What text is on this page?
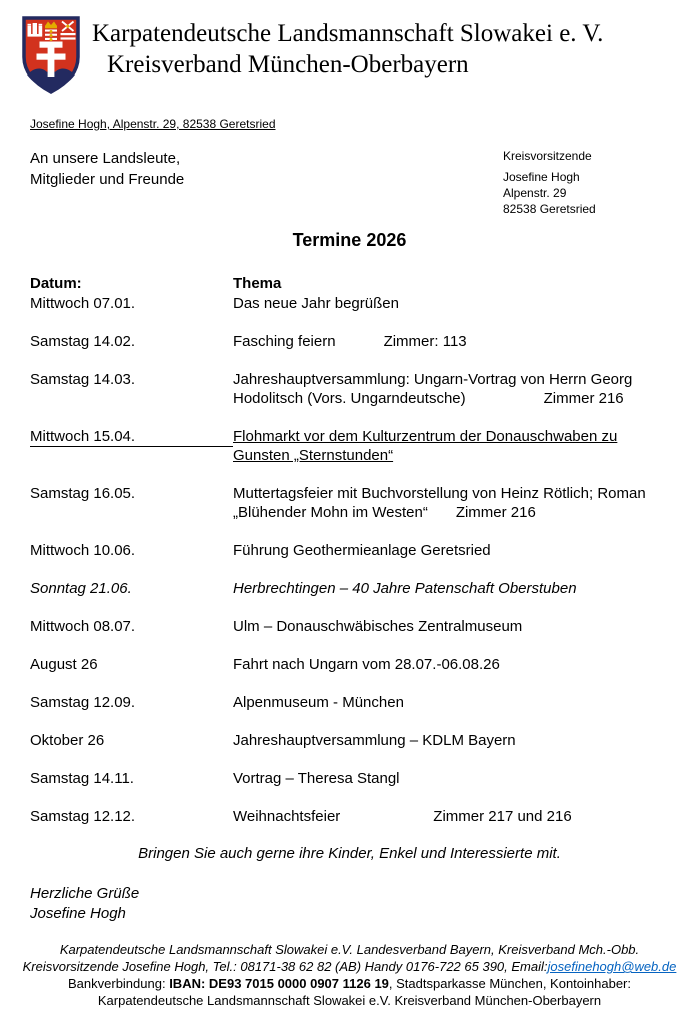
Karpatendeutsche Landsmannschaft Slowakei e. V.
Kreisverband München-Oberbayern
Josefine Hogh, Alpenstr. 29, 82538 Geretsried
An unsere Landsleute,
Mitglieder und Freunde
Kreisvorsitzende
Josefine Hogh
Alpenstr. 29
82538 Geretsried
Termine 2026
Datum:	Thema
Mittwoch 07.01.	Das neue Jahr begrüßen
Samstag 14.02.	Fasching feiern	Zimmer: 113
Samstag 14.03.	Jahreshauptversammlung: Ungarn-Vortrag von Herrn Georg Hodolitsch (Vors. Ungarndeutsche)	Zimmer 216
Mittwoch 15.04.	Flohmarkt vor dem Kulturzentrum der Donauschwaben zu Gunsten „Sternstunden“
Samstag 16.05.	Muttertagsfeier mit Buchvorstellung von Heinz Rötlich; Roman „Blühender Mohn im Westen“ Zimmer 216
Mittwoch 10.06.	Führung Geothermieanlage Geretsried
Sonntag 21.06.	Herbrechtingen – 40 Jahre Patenschaft Oberstuben
Mittwoch 08.07.	Ulm – Donauschwäbisches Zentralmuseum
August 26	Fahrt nach Ungarn vom 28.07.-06.08.26
Samstag 12.09.	Alpenmuseum - München
Oktober 26	Jahreshauptversammlung – KDLM Bayern
Samstag 14.11.	Vortrag – Theresa Stangl
Samstag 12.12.	Weihnachtsfeier	Zimmer 217 und 216
Bringen Sie auch gerne ihre Kinder, Enkel und Interessierte mit.
Herzliche Grüße
Josefine Hogh
Karpatendeutsche Landsmannschaft Slowakei e.V. Landesverband Bayern, Kreisverband Mch.-Obb.
Kreisvorsitzende Josefine Hogh, Tel.: 08171-38 62 82 (AB) Handy 0176-722 65 390, Email:josefinehogh@web.de
Bankverbindung: IBAN: DE93 7015 0000 0907 1126 19, Stadtsparkasse München, Kontoinhaber:
Karpatendeutsche Landsmannschaft Slowakei e.V. Kreisverband München-Oberbayern
